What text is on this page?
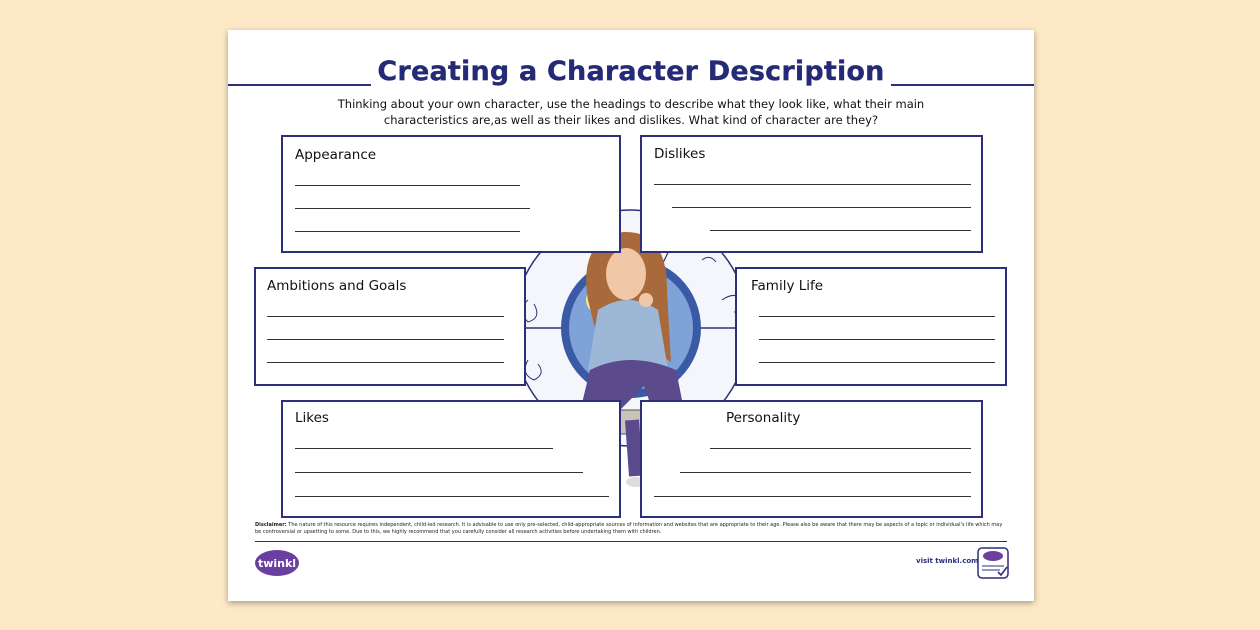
Creating a Character Description
Thinking about your own character, use the headings to describe what they look like, what their main
characteristics are,as well as their likes and dislikes. What kind of character are they?
Appearance	Dislikes
Ambitions and Goals	Family Life
Likes	Personality
Disclaimer: The nature of this resource requires independent, child-led research. It is advisable to use only pre-selected, child-appropriate sources of information and websites that are appropriate to their age. Please also be aware that there may be aspects of a topic or individual's life which may be controversial or upsetting to some. Due to this, we highly recommend that you carefully consider all research activities before undertaking them with children.
twinkl	visit twinkl.com
